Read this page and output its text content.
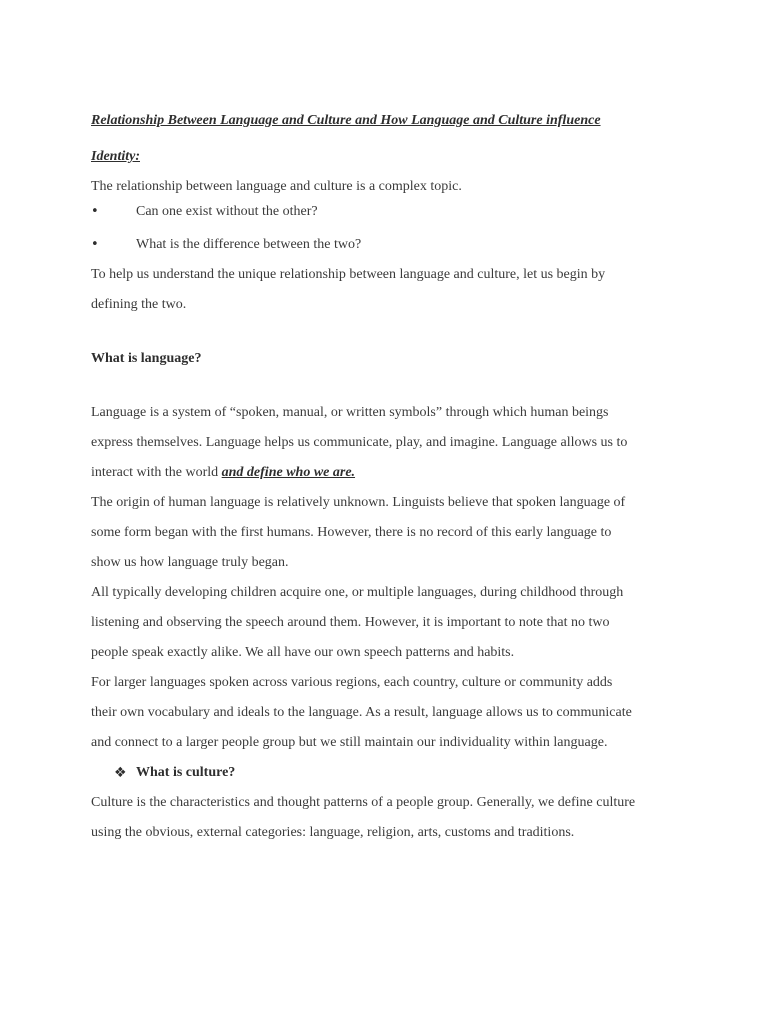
Relationship Between Language and Culture and How Language and Culture influence
Identity:
The relationship between language and culture is a complex topic.
•	Can one exist without the other?
•	What is the difference between the two?
To help us understand the unique relationship between language and culture, let us begin by
defining the two.
What is language?
Language is a system of “spoken, manual, or written symbols” through which human beings
express themselves. Language helps us communicate, play, and imagine. Language allows us to
interact with the world and define who we are.
The origin of human language is relatively unknown. Linguists believe that spoken language of
some form began with the first humans. However, there is no record of this early language to
show us how language truly began.
All typically developing children acquire one, or multiple languages, during childhood through
listening and observing the speech around them. However, it is important to note that no two
people speak exactly alike. We all have our own speech patterns and habits.
For larger languages spoken across various regions, each country, culture or community adds
their own vocabulary and ideals to the language. As a result, language allows us to communicate
and connect to a larger people group but we still maintain our individuality within language.
❖ What is culture?
Culture is the characteristics and thought patterns of a people group. Generally, we define culture
using the obvious, external categories: language, religion, arts, customs and traditions.
